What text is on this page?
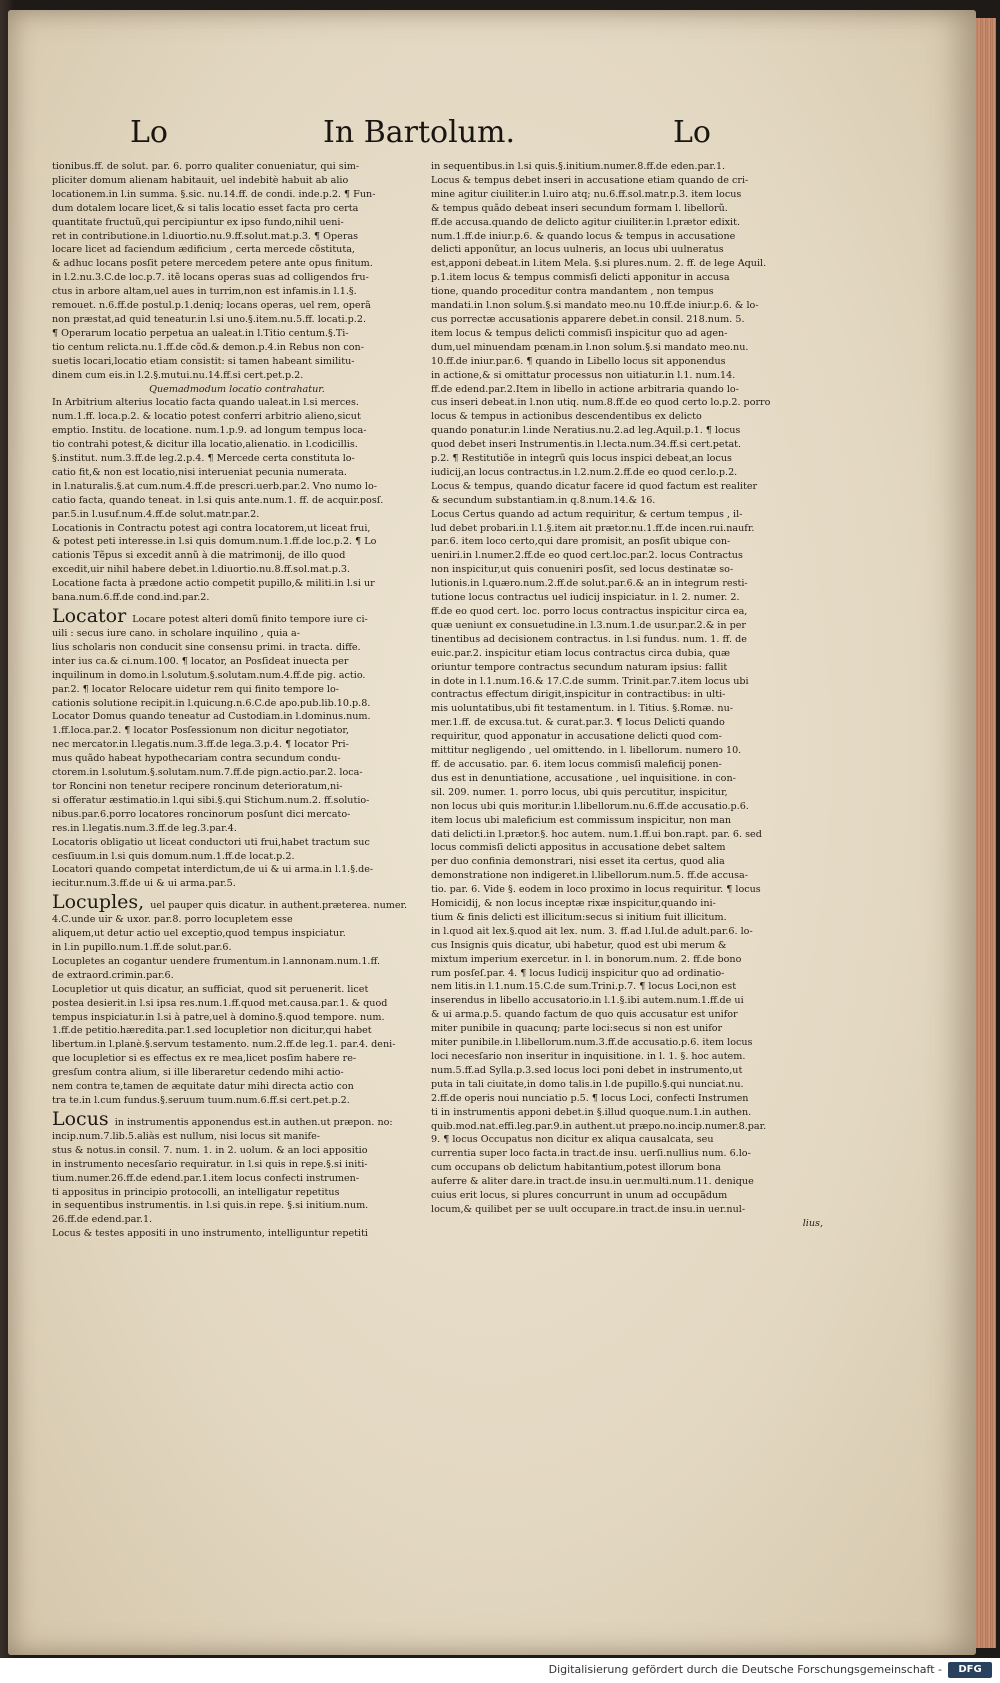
Lo	In Bartolum.	Lo
tionibus.ff. de solut. par. 6. porro qualiter conueniatur, qui sim-
pliciter domum alienam habitauit, uel indebitè habuit ab alio
locationem.in l.in summa. §.sic. nu.14.ff. de condi. inde.p.2. ¶ Fun-
dum dotalem locare licet,& si talis locatio esset facta pro certa
quantitate fructuũ,qui percipiuntur ex ipso fundo,nihil ueni-
ret in contributione.in l.diuortio.nu.9.ff.solut.mat.p.3. ¶ Operas
locare licet ad faciendum ædificium , certa mercede cõstituta,
& adhuc locans posſit petere mercedem petere ante opus finitum.
in l.2.nu.3.C.de loc.p.7. itẽ locans operas suas ad colligendos fru-
ctus in arbore altam,uel aues in turrim,non est infamis.in l.1.§.
remouet. n.6.ff.de postul.p.1.deniq; locans operas, uel rem, operã
non præstat,ad quid teneatur.in l.si uno.§.item.nu.5.ff. locati.p.2.
¶ Operarum locatio perpetua an ualeat.in l.Titio centum.§.Ti-
tio centum relicta.nu.1.ff.de cõd.& demon.p.4.in Rebus non con-
suetis locari,locatio etiam consistit: si tamen habeant similitu-
dinem cum eis.in l.2.§.mutui.nu.14.ff.si cert.pet.p.2.
Quemadmodum locatio contrahatur.
In Arbitrium alterius locatio facta quando ualeat.in l.si merces.
num.1.ff. loca.p.2. & locatio potest conferri arbitrio alieno,sicut
emptio. Institu. de locatione. num.1.p.9. ad longum tempus loca-
tio contrahi potest,& dicitur illa locatio,alienatio. in l.codicillis.
§.institut. num.3.ff.de leg.2.p.4. ¶ Mercede certa constituta lo-
catio fit,& non est locatio,nisi interueniat pecunia numerata.
in l.naturalis.§.at cum.num.4.ff.de prescri.uerb.par.2. Vno numo lo-
catio facta, quando teneat. in l.si quis ante.num.1. ff. de acquir.posſ.
par.5.in l.usuf.num.4.ff.de solut.matr.par.2.
Locationis in Contractu potest agi contra locatorem,ut liceat frui,
& potest peti interesse.in l.si quis domum.num.1.ff.de loc.p.2. ¶ Lo
cationis Tẽpus si excedit annũ à die matrimonij, de illo quod
excedit,uir nihil habere debet.in l.diuortio.nu.8.ff.sol.mat.p.3.
Locatione facta à prædone actio competit pupillo,& militi.in l.si ur
bana.num.6.ff.de cond.ind.par.2.
Locator Locare potest alteri domũ finito tempore iure ci-
uili : secus iure cano. in scholare inquilino , quia a-
lius scholaris non conducit sine consensu primi. in tracta. diffe.
inter ius ca.& ci.num.100. ¶ locator, an Posſideat inuecta per
inquilinum in domo.in l.solutum.§.solutam.num.4.ff.de pig. actio.
par.2. ¶ locator Relocare uidetur rem qui finito tempore lo-
cationis solutione recipit.in l.quicung.n.6.C.de apo.pub.lib.10.p.8.
Locator Domus quando teneatur ad Custodiam.in l.dominus.num.
1.ff.loca.par.2. ¶ locator Posſessionum non dicitur negotiator,
nec mercator.in l.legatis.num.3.ff.de lega.3.p.4. ¶ locator Pri-
mus quãdo habeat hypothecariam contra secundum condu-
ctorem.in l.solutum.§.solutam.num.7.ff.de pign.actio.par.2. loca-
tor Roncini non tenetur recipere roncinum deterioratum,ni-
si offeratur æstimatio.in l.qui sibi.§.qui Stichum.num.2. ff.solutio-
nibus.par.6.porro locatores roncinorum posſunt dici mercato-
res.in l.legatis.num.3.ff.de leg.3.par.4.
Locatoris obligatio ut liceat conductori uti frui,habet tractum suc
cesſiuum.in l.si quis domum.num.1.ff.de locat.p.2.
Locatori quando competat interdictum,de ui & ui arma.in l.1.§.de-
iecitur.num.3.ff.de ui & ui arma.par.5.
Locuples, uel pauper quis dicatur. in authent.præterea. numer.
4.C.unde uir & uxor. par.8. porro locupletem esse
aliquem,ut detur actio uel exceptio,quod tempus inspiciatur.
in l.in pupillo.num.1.ff.de solut.par.6.
Locupletes an cogantur uendere frumentum.in l.annonam.num.1.ff.
de extraord.crimin.par.6.
Locupletior ut quis dicatur, an sufficiat, quod sit peruenerit. licet
postea desierit.in l.si ipsa res.num.1.ff.quod met.causa.par.1. & quod
tempus inspiciatur.in l.si à patre,uel à domino.§.quod tempore. num.
1.ff.de petitio.hæredita.par.1.sed locupletior non dicitur,qui habet
libertum.in l.planè.§.servum testamento. num.2.ff.de leg.1. par.4. deni-
que locupletior si es effectus ex re mea,licet posſim habere re-
gresſum contra alium, si ille liberaretur cedendo mihi actio-
nem contra te,tamen de æquitate datur mihi directa actio con
tra te.in l.cum fundus.§.seruum tuum.num.6.ff.si cert.pet.p.2.
Locus in instrumentis apponendus est.in authen.ut præpon. no:
incip.num.7.lib.5.aliàs est nullum, nisi locus sit manife-
stus & notus.in consil. 7. num. 1. in 2. uolum. & an loci appositio
in instrumento necesſario requiratur. in l.si quis in repe.§.si initi-
tium.numer.26.ff.de edend.par.1.item locus confecti instrumen-
ti appositus in principio protocolli, an intelligatur repetitus
in sequentibus instrumentis. in l.si quis.in repe. §.si initium.num.
26.ff.de edend.par.1.
Locus & testes appositi in uno instrumento, intelliguntur repetiti
in sequentibus.in l.si quis.§.initium.numer.8.ff.de eden.par.1.
Locus & tempus debet inseri in accusatione etiam quando de cri-
mine agitur ciuiliter.in l.uiro atq; nu.6.ff.sol.matr.p.3. item locus
& tempus quãdo debeat inseri secundum formam l. libellorũ.
ff.de accusa.quando de delicto agitur ciuiliter.in l.prætor edixit.
num.1.ff.de iniur.p.6. & quando locus & tempus in accusatione
delicti apponũtur, an locus uulneris, an locus ubi uulneratus
est,apponi debeat.in l.item Mela. §.si plures.num. 2. ff. de lege Aquil.
p.1.item locus & tempus commisſi delicti apponitur in accusa
tione, quando proceditur contra mandantem , non tempus
mandati.in l.non solum.§.si mandato meo.nu 10.ff.de iniur.p.6. & lo-
cus porrectæ accusationis apparere debet.in consil. 218.num. 5.
item locus & tempus delicti commisſi inspicitur quo ad agen-
dum,uel minuendam pœnam.in l.non solum.§.si mandato meo.nu.
10.ff.de iniur.par.6. ¶ quando in Libello locus sit apponendus
in actione,& si omittatur processus non uitiatur.in l.1. num.14.
ff.de edend.par.2.Item in libello in actione arbitraria quando lo-
cus inseri debeat.in l.non utiq. num.8.ff.de eo quod certo lo.p.2. porro
locus & tempus in actionibus descendentibus ex delicto
quando ponatur.in l.inde Neratius.nu.2.ad leg.Aquil.p.1. ¶ locus
quod debet inseri Instrumentis.in l.lecta.num.34.ff.si cert.petat.
p.2. ¶ Restitutiõe in integrũ quis locus inspici debeat,an locus
iudicij,an locus contractus.in l.2.num.2.ff.de eo quod cer.lo.p.2.
Locus & tempus, quando dicatur facere id quod factum est realiter
& secundum substantiam.in q.8.num.14.& 16.
Locus Certus quando ad actum requiritur, & certum tempus , il-
lud debet probari.in l.1.§.item ait prætor.nu.1.ff.de incen.rui.naufr.
par.6. item loco certo,qui dare promisit, an posſit ubique con-
ueniri.in l.numer.2.ff.de eo quod cert.loc.par.2. locus Contractus
non inspicitur,ut quis conueniri posſit, sed locus destinatæ so-
lutionis.in l.quæro.num.2.ff.de solut.par.6.& an in integrum resti-
tutione locus contractus uel iudicij inspiciatur. in l. 2. numer. 2.
ff.de eo quod cert. loc. porro locus contractus inspicitur circa ea,
quæ ueniunt ex consuetudine.in l.3.num.1.de usur.par.2.& in per
tinentibus ad decisionem contractus. in l.si fundus. num. 1. ff. de
euic.par.2. inspicitur etiam locus contractus circa dubia, quæ
oriuntur tempore contractus secundum naturam ipsius: fallit
in dote in l.1.num.16.& 17.C.de summ. Trinit.par.7.item locus ubi
contractus effectum dirigit,inspicitur in contractibus: in ulti-
mis uoluntatibus,ubi fit testamentum. in l. Titius. §.Romæ. nu-
mer.1.ff. de excusa.tut. & curat.par.3. ¶ locus Delicti quando
requiritur, quod apponatur in accusatione delicti quod com-
mittitur negligendo , uel omittendo. in l. libellorum. numero 10.
ff. de accusatio. par. 6. item locus commisſi maleficij ponen-
dus est in denuntiatione, accusatione , uel inquisitione. in con-
sil. 209. numer. 1. porro locus, ubi quis percutitur, inspicitur,
non locus ubi quis moritur.in l.libellorum.nu.6.ff.de accusatio.p.6.
item locus ubi maleficium est commissum inspicitur, non man
dati delicti.in l.prætor.§. hoc autem. num.1.ff.ui bon.rapt. par. 6. sed
locus commisſi delicti appositus in accusatione debet saltem
per duo confinia demonstrari, nisi esset ita certus, quod alia
demonstratione non indigeret.in l.libellorum.num.5. ff.de accusa-
tio. par. 6. Vide §. eodem in loco proximo in locus requiritur. ¶ locus
Homicidij, & non locus inceptæ rixæ inspicitur,quando ini-
tium & finis delicti est illicitum:secus si initium fuit illicitum.
in l.quod ait lex.§.quod ait lex. num. 3. ff.ad l.Iul.de adult.par.6. lo-
cus Insignis quis dicatur, ubi habetur, quod est ubi merum &
mixtum imperium exercetur. in l. in bonorum.num. 2. ff.de bono
rum posſeſ.par. 4. ¶ locus Iudicij inspicitur quo ad ordinatio-
nem litis.in l.1.num.15.C.de sum.Trini.p.7. ¶ locus Loci,non est
inserendus in libello accusatorio.in l.1.§.ibi autem.num.1.ff.de ui
& ui arma.p.5. quando factum de quo quis accusatur est unifor
miter punibile in quacunq; parte loci:secus si non est unifor
miter punibile.in l.libellorum.num.3.ff.de accusatio.p.6. item locus
loci necesſario non inseritur in inquisitione. in l. 1. §. hoc autem.
num.5.ff.ad Sylla.p.3.sed locus loci poni debet in instrumento,ut
puta in tali ciuitate,in domo talis.in l.de pupillo.§.qui nunciat.nu.
2.ff.de operis noui nunciatio p.5. ¶ locus Loci, confecti Instrumen
ti in instrumentis apponi debet.in §.illud quoque.num.1.in authen.
quib.mod.nat.effi.leg.par.9.in authent.ut præpo.no.incip.numer.8.par.
9. ¶ locus Occupatus non dicitur ex aliqua causalcata, seu
currentia super loco facta.in tract.de insu. uerſi.nullius num. 6.lo-
cum occupans ob delictum habitantium,potest illorum bona
auferre & aliter dare.in tract.de insu.in uer.multi.num.11. denique
cuius erit locus, si plures concurrunt in unum ad occupãdum
locum,& quilibet per se uult occupare.in tract.de insu.in uer.nul-
lius,
Digitalisierung gefördert durch die Deutsche Forschungsgemeinschaft -	DFG
